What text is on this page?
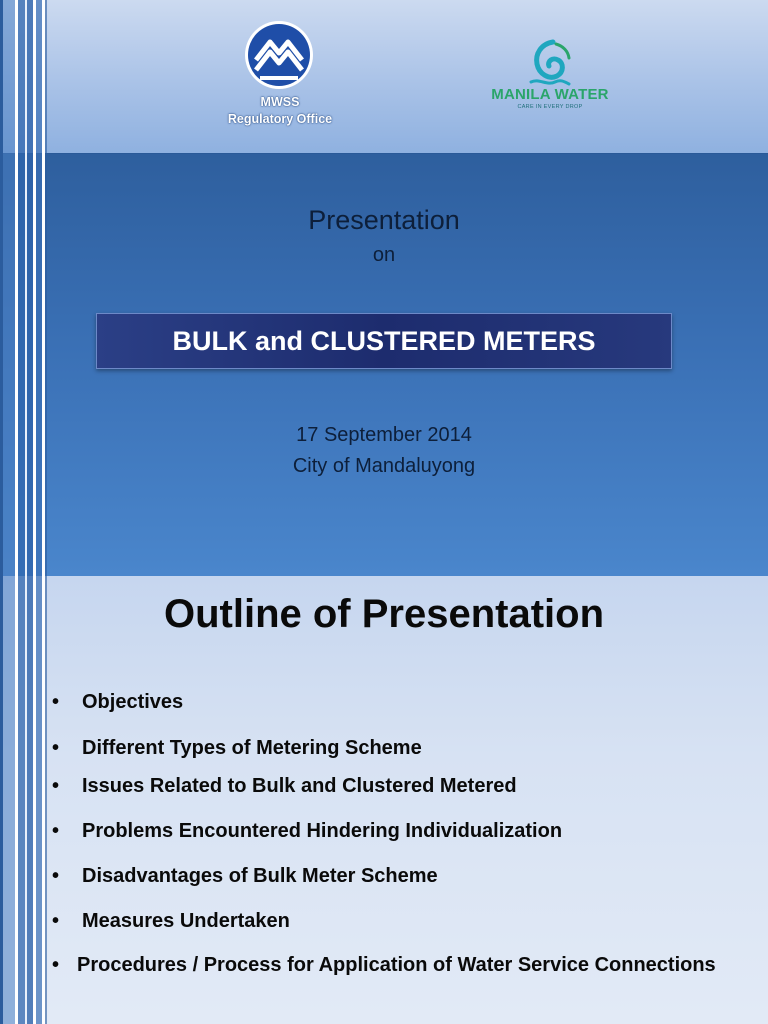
MWSS
Regulatory Office
MANILA WATER
CARE IN EVERY DROP
Presentation
on
BULK and CLUSTERED METERS
17 September 2014
City of Mandaluyong
Outline of Presentation
•	Objectives
•	Different Types of Metering Scheme
•	Issues Related to Bulk and Clustered Metered
•	Problems Encountered Hindering Individualization
•	Disadvantages of Bulk Meter Scheme
•	Measures Undertaken
• Procedures / Process for Application of Water Service Connections
